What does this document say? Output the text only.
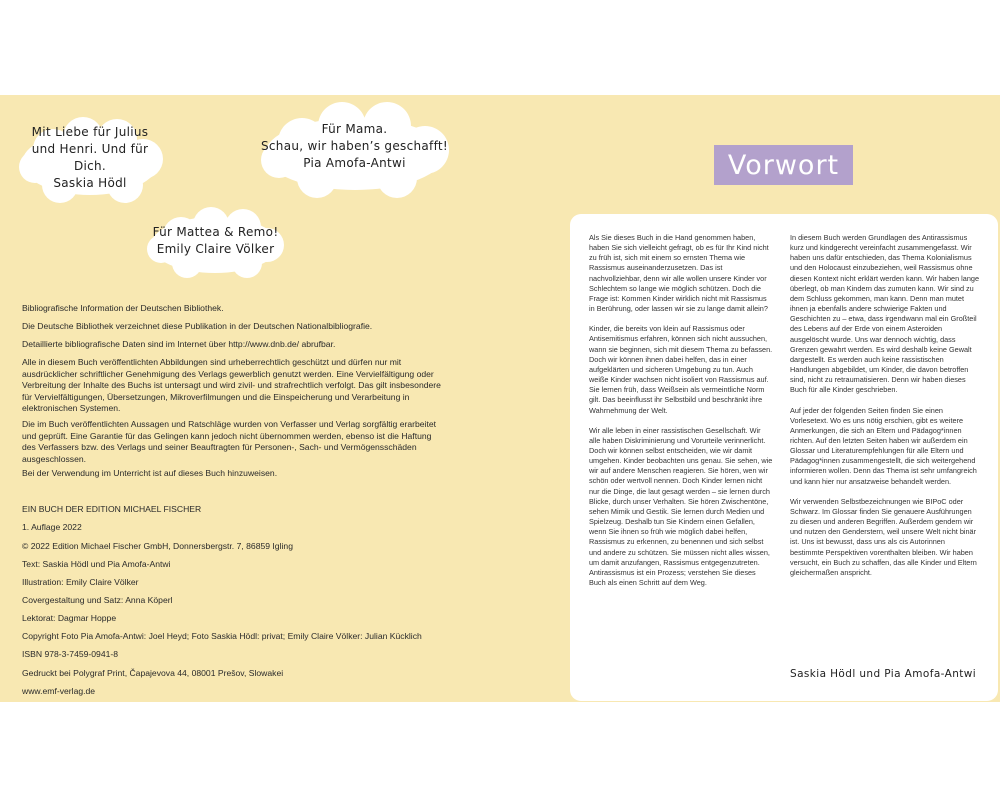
Mit Liebe für Julius
und Henri. Und für Dich.
Saskia Hödl
Für Mama.
Schau, wir haben’s geschafft!
Pia Amofa-Antwi
Für Mattea & Remo!
Emily Claire Völker

Bibliografische Information der Deutschen Bibliothek.

Die Deutsche Bibliothek verzeichnet diese Publikation in der Deutschen Nationalbibliografie.

Detaillierte bibliografische Daten sind im Internet über http://www.dnb.de/ abrufbar.

Alle in diesem Buch veröffentlichten Abbildungen sind urheberrechtlich geschützt und dürfen nur mit ausdrücklicher schriftlicher Genehmigung des Verlags gewerblich genutzt werden. Eine Vervielfältigung oder Verbreitung der Inhalte des Buchs ist untersagt und wird zivil- und strafrechtlich verfolgt. Das gilt insbesondere für Vervielfältigungen, Übersetzungen, Mikroverfilmungen und die Einspeicherung und Verarbeitung in elektronischen Systemen.

Die im Buch veröffentlichten Aussagen und Ratschläge wurden von Verfasser und Verlag sorgfältig erarbeitet und geprüft. Eine Garantie für das Gelingen kann jedoch nicht übernommen werden, ebenso ist die Haftung des Verfassers bzw. des Verlags und seiner Beauftragten für Personen-, Sach- und Vermögensschäden ausgeschlossen.

Bei der Verwendung im Unterricht ist auf dieses Buch hinzuweisen.

EIN BUCH DER EDITION MICHAEL FISCHER
1. Auflage 2022
© 2022 Edition Michael Fischer GmbH, Donnersbergstr. 7, 86859 Igling
Text: Saskia Hödl und Pia Amofa-Antwi
Illustration: Emily Claire Völker
Covergestaltung und Satz: Anna Köperl
Lektorat: Dagmar Hoppe
Copyright Foto Pia Amofa-Antwi: Joel Heyd; Foto Saskia Hödl: privat; Emily Claire Völker: Julian Kücklich
ISBN 978-3-7459-0941-8
Gedruckt bei Polygraf Print, Čapajevova 44, 08001 Prešov, Slowakei
www.emf-verlag.de
Vorwort

Als Sie dieses Buch in die Hand genommen haben, haben Sie sich vielleicht gefragt, ob es für Ihr Kind nicht zu früh ist, sich mit einem so ernsten Thema wie Rassismus auseinanderzusetzen. Das ist nachvollziehbar, denn wir alle wollen unsere Kinder vor Schlechtem so lange wie möglich schützen. Doch die Frage ist: Kommen Kinder wirklich nicht mit Rassismus in Berührung, oder lassen wir sie zu lange damit allein?

Kinder, die bereits von klein auf Rassismus oder Antisemitismus erfahren, können sich nicht aussuchen, wann sie beginnen, sich mit diesem Thema zu befassen. Doch wir können ihnen dabei helfen, das in einer aufgeklärten und sicheren Umgebung zu tun. Auch weiße Kinder wachsen nicht isoliert von Rassismus auf. Sie lernen früh, dass Weißsein als vermeintliche Norm gilt. Das beeinflusst ihr Selbstbild und beschränkt ihre Wahrnehmung der Welt.

Wir alle leben in einer rassistischen Gesellschaft. Wir alle haben Diskriminierung und Vorurteile verinnerlicht. Doch wir können selbst entscheiden, wie wir damit umgehen. Kinder beobachten uns genau. Sie sehen, wie wir auf andere Menschen reagieren. Sie hören, wen wir schön oder wertvoll nennen. Doch Kinder lernen nicht nur die Dinge, die laut gesagt werden – sie lernen durch Blicke, durch unser Verhalten. Sie hören Zwischentöne, sehen Mimik und Gestik. Sie lernen durch Medien und Spielzeug. Deshalb tun Sie Kindern einen Gefallen, wenn Sie ihnen so früh wie möglich dabei helfen, Rassismus zu erkennen, zu benennen und sich selbst und andere zu schützen. Sie müssen nicht alles wissen, um damit anzufangen, Rassismus entgegenzutreten. Antirassismus ist ein Prozess; verstehen Sie dieses Buch als einen Schritt auf dem Weg.

In diesem Buch werden Grundlagen des Antirassismus kurz und kindgerecht vereinfacht zusammengefasst. Wir haben uns dafür entschieden, das Thema Kolonialismus und den Holocaust einzubeziehen, weil Rassismus ohne diesen Kontext nicht erklärt werden kann. Wir haben lange überlegt, ob man Kindern das zumuten kann. Wir sind zu dem Schluss gekommen, man kann. Denn man mutet ihnen ja ebenfalls andere schwierige Fakten und Geschichten zu – etwa, dass irgendwann mal ein Großteil des Lebens auf der Erde von einem Asteroiden ausgelöscht wurde. Uns war dennoch wichtig, dass Grenzen gewahrt werden. Es wird deshalb keine Gewalt dargestellt. Es werden auch keine rassistischen Handlungen abgebildet, um Kinder, die davon betroffen sind, nicht zu retraumatisieren. Denn wir haben dieses Buch für alle Kinder geschrieben.

Auf jeder der folgenden Seiten finden Sie einen Vorlesetext. Wo es uns nötig erschien, gibt es weitere Anmerkungen, die sich an Eltern und Pädagog*innen richten. Auf den letzten Seiten haben wir außerdem ein Glossar und Literaturempfehlungen für alle Eltern und Pädagog*innen zusammengestellt, die sich weitergehend informieren wollen. Denn das Thema ist sehr umfangreich und kann hier nur ansatzweise behandelt werden.

Wir verwenden Selbstbezeichnungen wie BIPoC oder Schwarz. Im Glossar finden Sie genauere Ausführungen zu diesen und anderen Begriffen. Außerdem gendern wir und nutzen den Genderstern, weil unsere Welt nicht binär ist. Uns ist bewusst, dass uns als cis Autorinnen bestimmte Perspektiven vorenthalten bleiben. Wir haben versucht, ein Buch zu schaffen, das alle Kinder und Eltern gleichermaßen anspricht.

Saskia Hödl und Pia Amofa-Antwi
